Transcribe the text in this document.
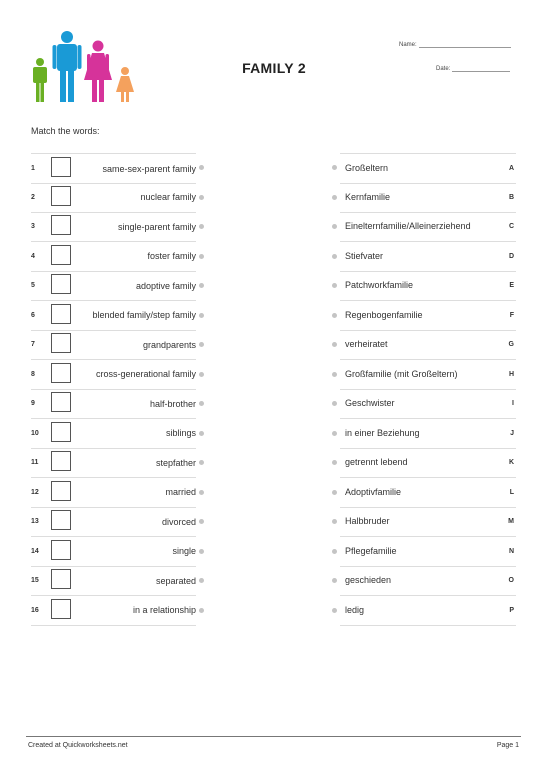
FAMILY 2
Name:
Date:
Match the words:
1	same-sex-parent family	Großeltern	A
2	nuclear family	Kernfamilie	B
3	single-parent family	Einelternfamilie/Alleinerziehend	C
4	foster family	Stiefvater	D
5	adoptive family	Patchworkfamilie	E
6	blended family/step family	Regenbogenfamilie	F
7	grandparents	verheiratet	G
8	cross-generational family	Großfamilie (mit Großeltern)	H
9	half-brother	Geschwister	I
10	siblings	in einer Beziehung	J
11	stepfather	getrennt lebend	K
12	married	Adoptivfamilie	L
13	divorced	Halbbruder	M
14	single	Pflegefamilie	N
15	separated	geschieden	O
16	in a relationship	ledig	P
Created at Quickworksheets.net	Page 1
